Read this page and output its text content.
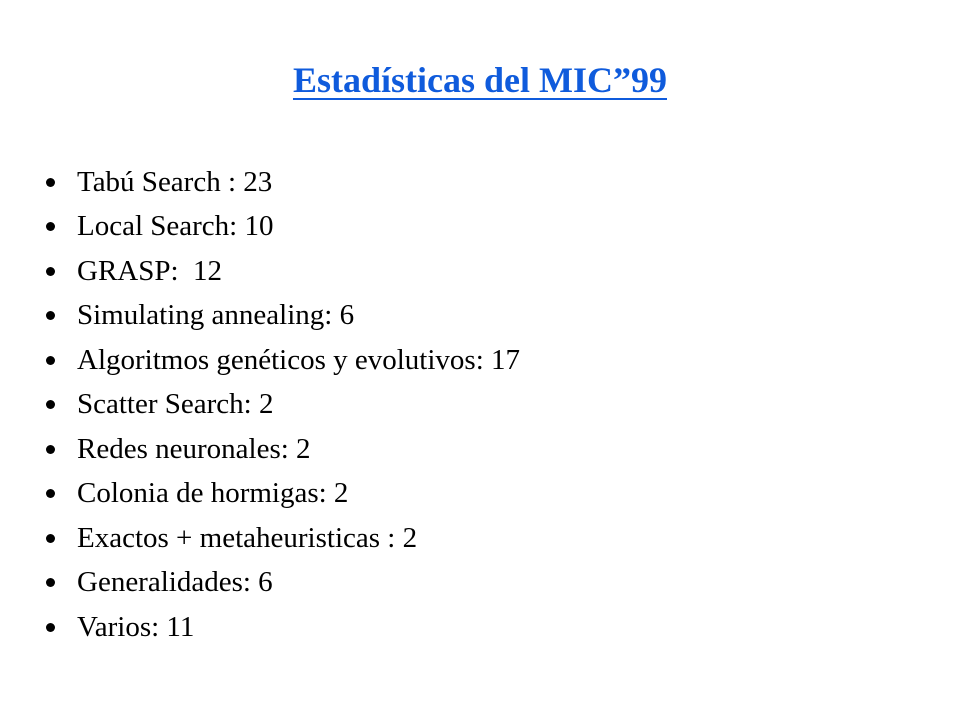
Estadísticas del MIC”99
Tabú Search : 23
Local Search: 10
GRASP:  12
Simulating annealing: 6
Algoritmos genéticos y evolutivos: 17
Scatter Search: 2
Redes neuronales: 2
Colonia de hormigas: 2
Exactos + metaheuristicas : 2
Generalidades: 6
Varios: 11
